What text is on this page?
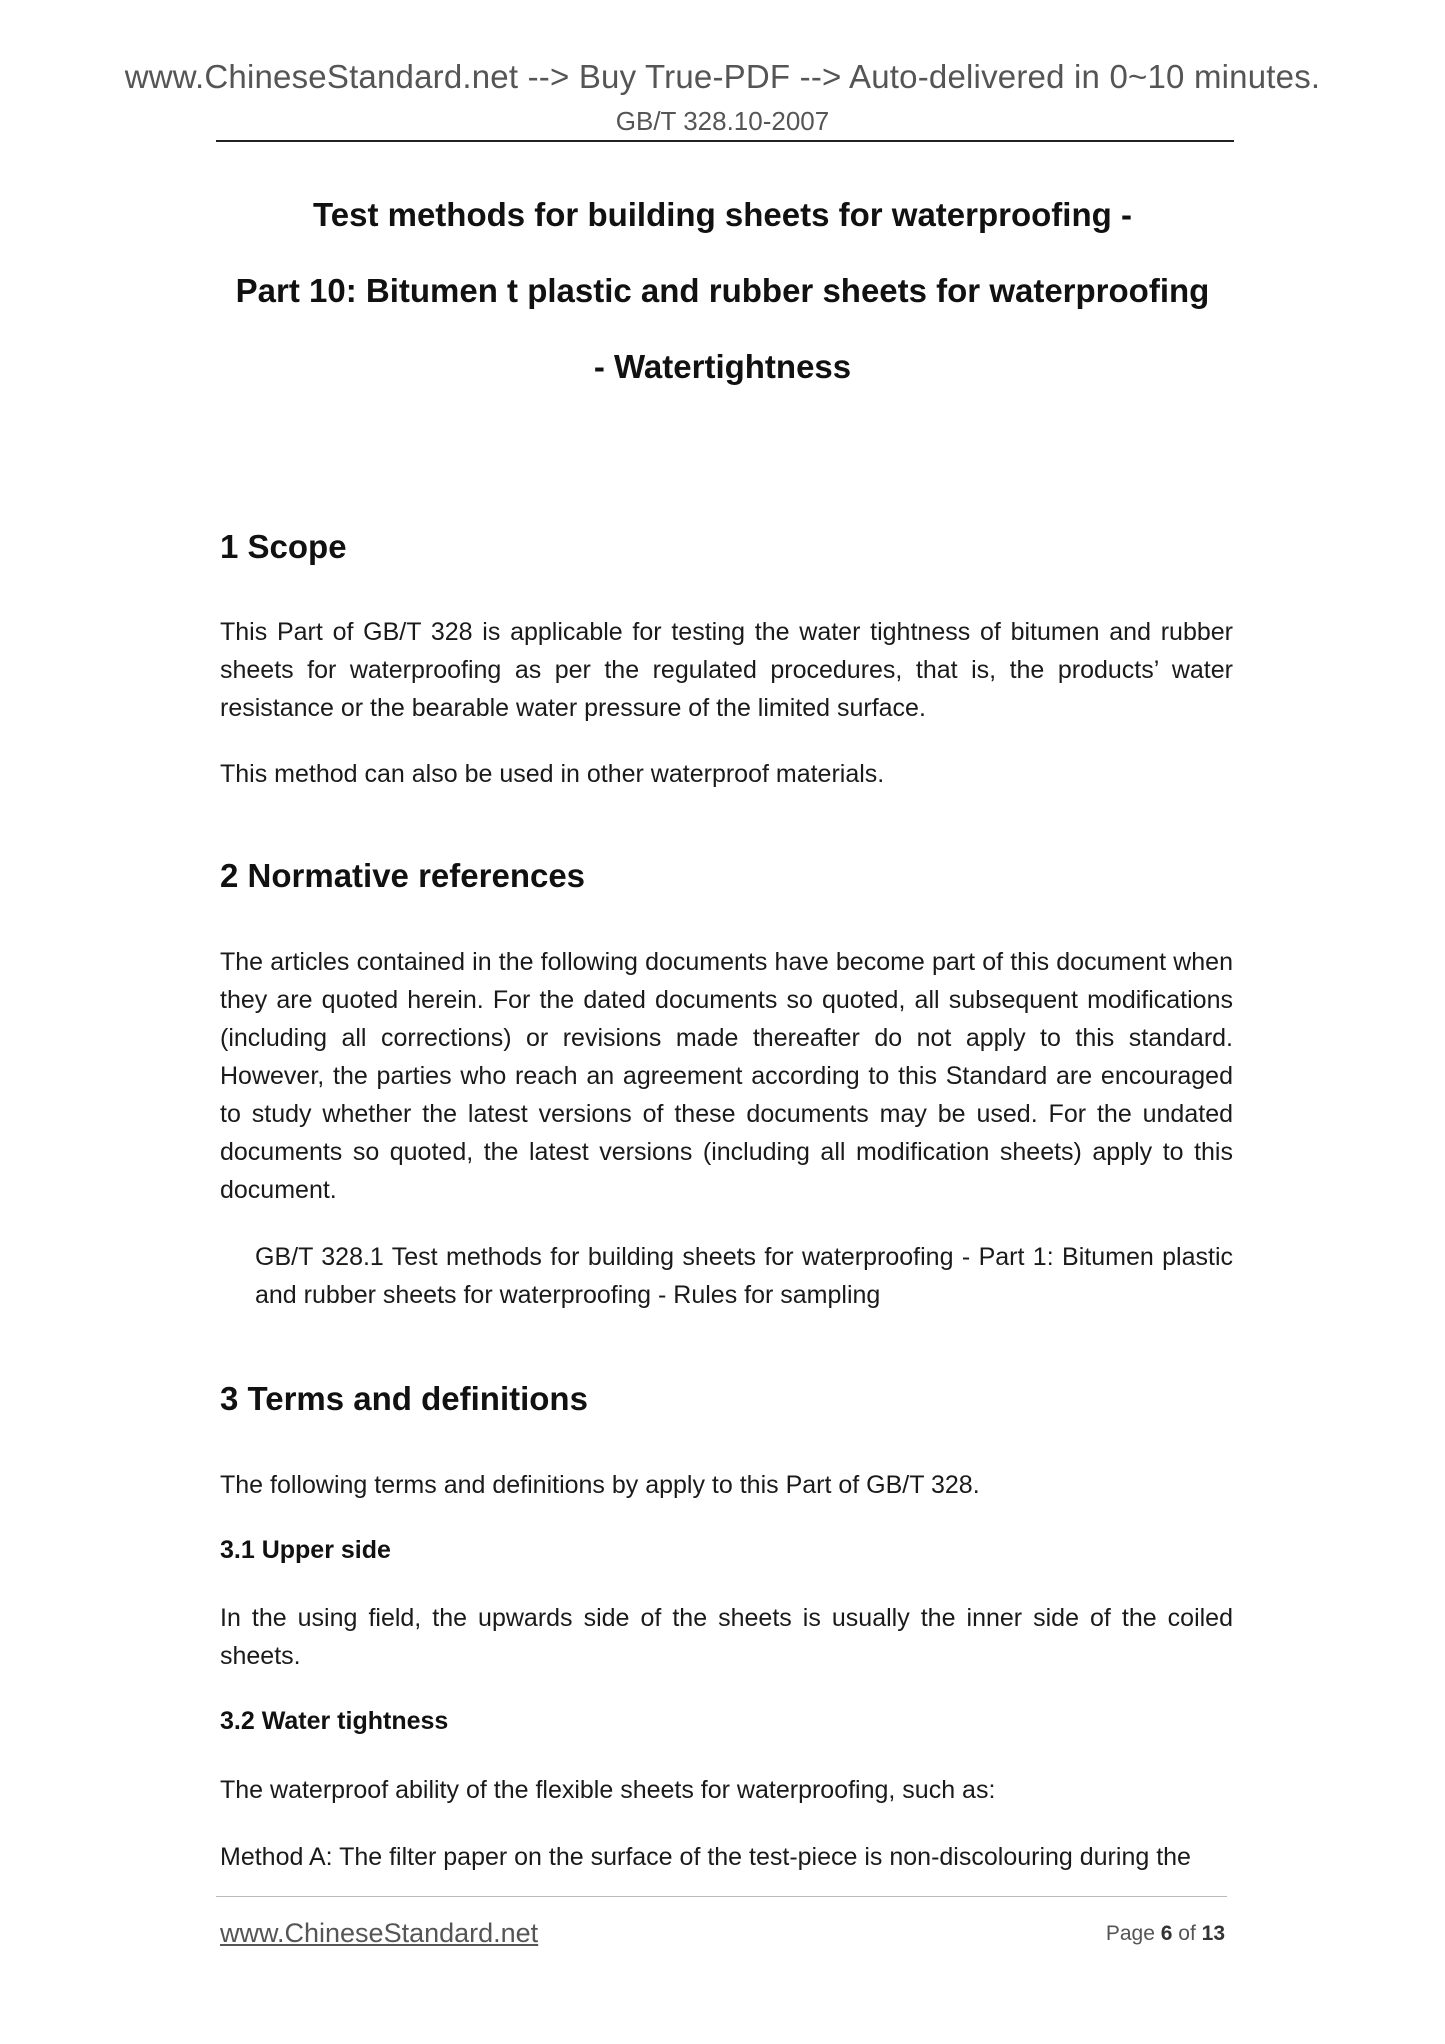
www.ChineseStandard.net --> Buy True-PDF --> Auto-delivered in 0~10 minutes.
GB/T 328.10-2007
Test methods for building sheets for waterproofing -
Part 10: Bitumen t plastic and rubber sheets for waterproofing
- Watertightness
1 Scope
This Part of GB/T 328 is applicable for testing the water tightness of bitumen and rubber sheets for waterproofing as per the regulated procedures, that is, the products’ water resistance or the bearable water pressure of the limited surface.
This method can also be used in other waterproof materials.
2 Normative references
The articles contained in the following documents have become part of this document when they are quoted herein. For the dated documents so quoted, all subsequent modifications (including all corrections) or revisions made thereafter do not apply to this standard. However, the parties who reach an agreement according to this Standard are encouraged to study whether the latest versions of these documents may be used. For the undated documents so quoted, the latest versions (including all modification sheets) apply to this document.
GB/T 328.1 Test methods for building sheets for waterproofing - Part 1: Bitumen plastic and rubber sheets for waterproofing - Rules for sampling
3 Terms and definitions
The following terms and definitions by apply to this Part of GB/T 328.
3.1 Upper side
In the using field, the upwards side of the sheets is usually the inner side of the coiled sheets.
3.2 Water tightness
The waterproof ability of the flexible sheets for waterproofing, such as:
Method A: The filter paper on the surface of the test-piece is non-discolouring during the
www.ChineseStandard.net	Page 6 of 13
